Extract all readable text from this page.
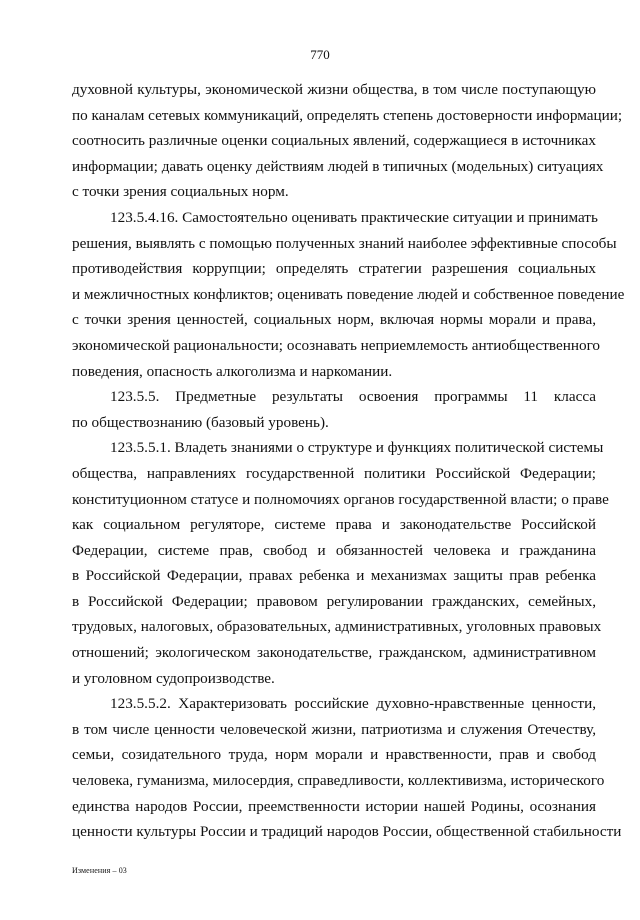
770
духовной культуры, экономической жизни общества, в том числе поступающую
по каналам сетевых коммуникаций, определять степень достоверности информации;
соотносить различные оценки социальных явлений, содержащиеся в источниках
информации; давать оценку действиям людей в типичных (модельных) ситуациях
с точки зрения социальных норм.
123.5.4.16. Самостоятельно оценивать практические ситуации и принимать
решения, выявлять с помощью полученных знаний наиболее эффективные способы
противодействия коррупции; определять стратегии разрешения социальных
и межличностных конфликтов; оценивать поведение людей и собственное поведение
с точки зрения ценностей, социальных норм, включая нормы морали и права,
экономической рациональности; осознавать неприемлемость антиобщественного
поведения, опасность алкоголизма и наркомании.
123.5.5. Предметные результаты освоения программы 11 класса
по обществознанию (базовый уровень).
123.5.5.1. Владеть знаниями о структуре и функциях политической системы
общества, направлениях государственной политики Российской Федерации;
конституционном статусе и полномочиях органов государственной власти; о праве
как социальном регуляторе, системе права и законодательстве Российской
Федерации, системе прав, свобод и обязанностей человека и гражданина
в Российской Федерации, правах ребенка и механизмах защиты прав ребенка
в Российской Федерации; правовом регулировании гражданских, семейных,
трудовых, налоговых, образовательных, административных, уголовных правовых
отношений; экологическом законодательстве, гражданском, административном
и уголовном судопроизводстве.
123.5.5.2. Характеризовать российские духовно-нравственные ценности,
в том числе ценности человеческой жизни, патриотизма и служения Отечеству,
семьи, созидательного труда, норм морали и нравственности, прав и свобод
человека, гуманизма, милосердия, справедливости, коллективизма, исторического
единства народов России, преемственности истории нашей Родины, осознания
ценности культуры России и традиций народов России, общественной стабильности
Изменения – 03
